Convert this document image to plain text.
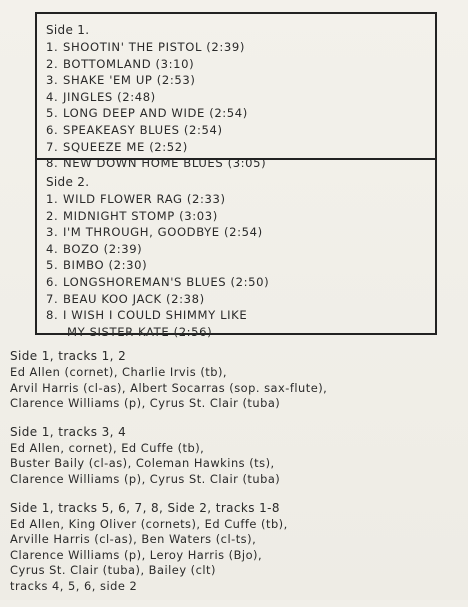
Side 1.
1. SHOOTIN' THE PISTOL (2:39)
2. BOTTOMLAND (3:10)
3. SHAKE 'EM UP (2:53)
4. JINGLES (2:48)
5. LONG DEEP AND WIDE (2:54)
6. SPEAKEASY BLUES (2:54)
7. SQUEEZE ME (2:52)
8. NEW DOWN HOME BLUES (3:05)
Side 2.
1. WILD FLOWER RAG (2:33)
2. MIDNIGHT STOMP (3:03)
3. I'M THROUGH, GOODBYE (2:54)
4. BOZO (2:39)
5. BIMBO (2:30)
6. LONGSHOREMAN'S BLUES (2:50)
7. BEAU KOO JACK (2:38)
8. I WISH I COULD SHIMMY LIKE
MY SISTER KATE (2:56)
Side 1, tracks 1, 2
Ed Allen (cornet), Charlie Irvis (tb),
Arvil Harris (cl-as), Albert Socarras (sop. sax-flute),
Clarence Williams (p), Cyrus St. Clair (tuba)
Side 1, tracks 3, 4
Ed Allen, cornet), Ed Cuffe (tb),
Buster Baily (cl-as), Coleman Hawkins (ts),
Clarence Williams (p), Cyrus St. Clair (tuba)
Side 1, tracks 5, 6, 7, 8, Side 2, tracks 1-8
Ed Allen, King Oliver (cornets), Ed Cuffe (tb),
Arville Harris (cl-as), Ben Waters (cl-ts),
Clarence Williams (p), Leroy Harris (Bjo),
Cyrus St. Clair (tuba), Bailey (clt)
tracks 4, 5, 6, side 2
